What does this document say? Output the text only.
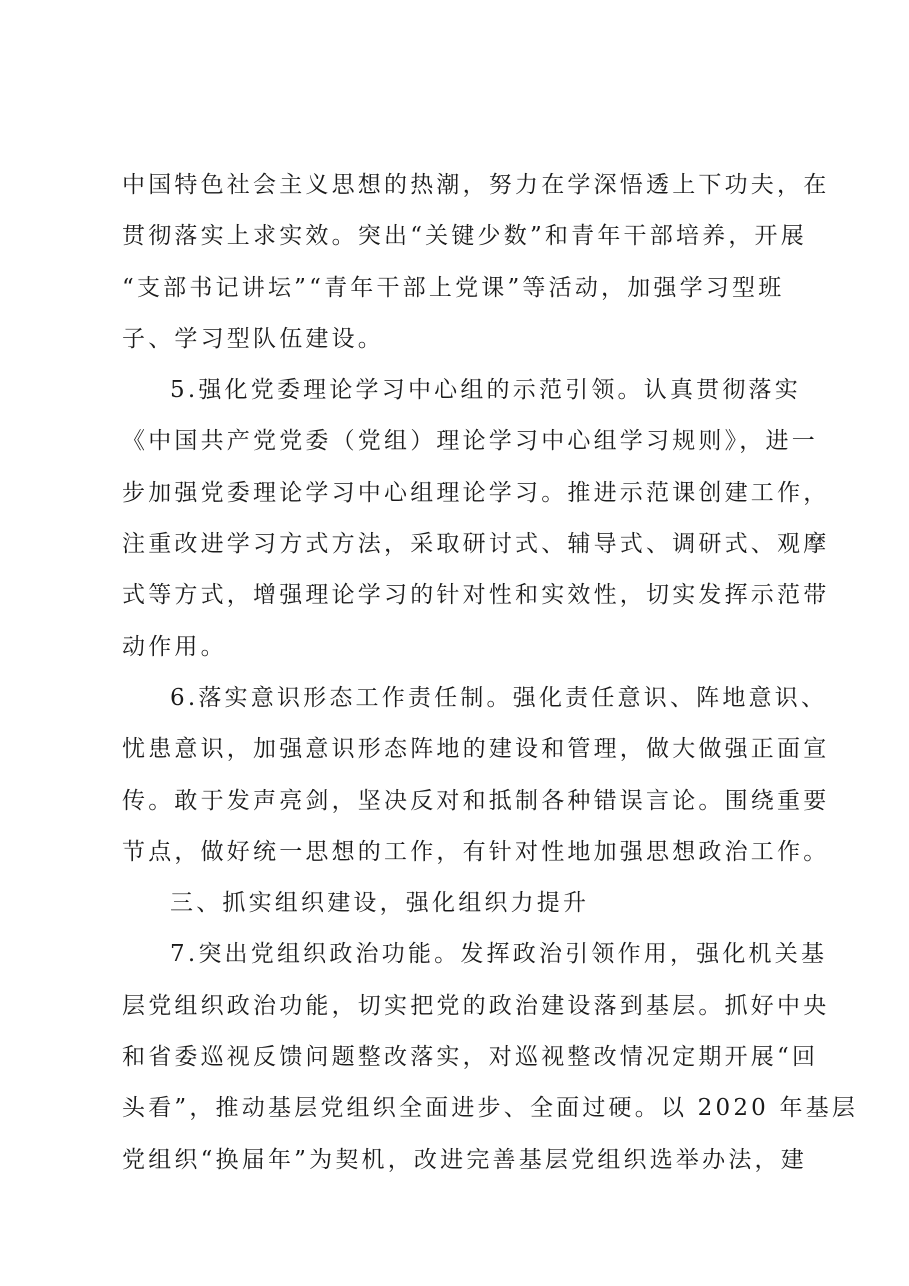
中国特色社会主义思想的热潮，努力在学深悟透上下功夫，在
贯彻落实上求实效。突出“关键少数”和青年干部培养，开展
“支部书记讲坛”“青年干部上党课”等活动，加强学习型班
子、学习型队伍建设。
5.强化党委理论学习中心组的示范引领。认真贯彻落实
《中国共产党党委（党组）理论学习中心组学习规则》，进一
步加强党委理论学习中心组理论学习。推进示范课创建工作，
注重改进学习方式方法，采取研讨式、辅导式、调研式、观摩
式等方式，增强理论学习的针对性和实效性，切实发挥示范带
动作用。
6.落实意识形态工作责任制。强化责任意识、阵地意识、
忧患意识，加强意识形态阵地的建设和管理，做大做强正面宣
传。敢于发声亮剑，坚决反对和抵制各种错误言论。围绕重要
节点，做好统一思想的工作，有针对性地加强思想政治工作。
三、抓实组织建设，强化组织力提升
7.突出党组织政治功能。发挥政治引领作用，强化机关基
层党组织政治功能，切实把党的政治建设落到基层。抓好中央
和省委巡视反馈问题整改落实，对巡视整改情况定期开展“回
头看”，推动基层党组织全面进步、全面过硬。以 2020 年基层
党组织“换届年”为契机，改进完善基层党组织选举办法，建
